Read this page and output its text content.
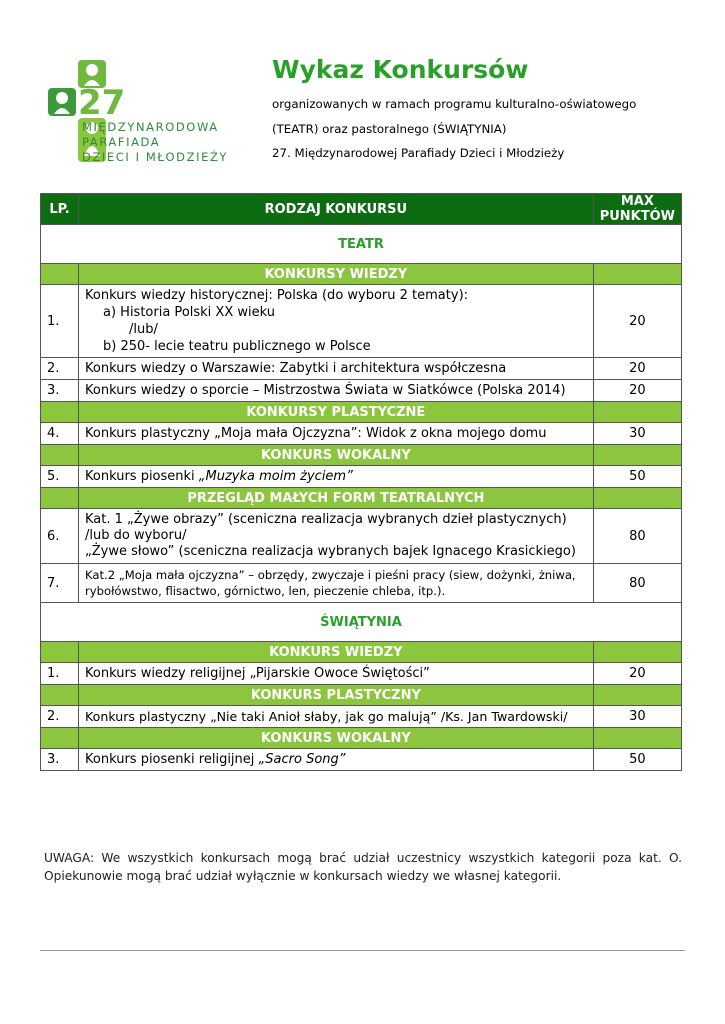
27
MIĘDZYNARODOWA
PARAFIADA
DZIECI I MŁODZIEŻY
Wykaz Konkursów
organizowanych w ramach programu kulturalno-oświatowego
(TEATR) oraz pastoralnego (ŚWIĄTYNIA)
27. Międzynarodowej Parafiady Dzieci i Młodzieży
LP.	RODZAJ KONKURSU	MAX PUNKTÓW
TEATR		
	KONKURSY WIEDZY	
1.	Konkurs wiedzy historycznej: Polska (do wyboru 2 tematy):
a) Historia Polski XX wieku
/lub/
b) 250- lecie teatru publicznego w Polsce	20
2.	Konkurs wiedzy o Warszawie: Zabytki i architektura współczesna	20
3.	Konkurs wiedzy o sporcie – Mistrzostwa Świata w Siatkówce (Polska 2014)	20
	KONKURSY PLASTYCZNE	
4.	Konkurs plastyczny „Moja mała Ojczyzna”: Widok z okna mojego domu	30
	KONKURS WOKALNY	
5.	Konkurs piosenki „Muzyka moim życiem”	50
	PRZEGLĄD MAŁYCH FORM TEATRALNYCH	
6.	Kat. 1 „Żywe obrazy” (sceniczna realizacja wybranych dzieł plastycznych)
/lub do wyboru/
„Żywe słowo” (sceniczna realizacja wybranych bajek Ignacego Krasickiego)	80
7.	Kat.2 „Moja mała ojczyzna” – obrzędy, zwyczaje i pieśni pracy (siew, dożynki, żniwa,
rybołówstwo, flisactwo, górnictwo, len, pieczenie chleba, itp.).	80
ŚWIĄTYNIA		
	KONKURS WIEDZY	
1.	Konkurs wiedzy religijnej „Pijarskie Owoce Świętości”	20
	KONKURS PLASTYCZNY	
2.	Konkurs plastyczny „Nie taki Anioł słaby, jak go malują” /Ks. Jan Twardowski/	30
	KONKURS WOKALNY	
3.	Konkurs piosenki religijnej „Sacro Song”	50
UWAGA: We wszystkich konkursach mogą brać udział uczestnicy wszystkich kategorii poza kat. O. Opiekunowie mogą brać udział wyłącznie w konkursach wiedzy we własnej kategorii.
